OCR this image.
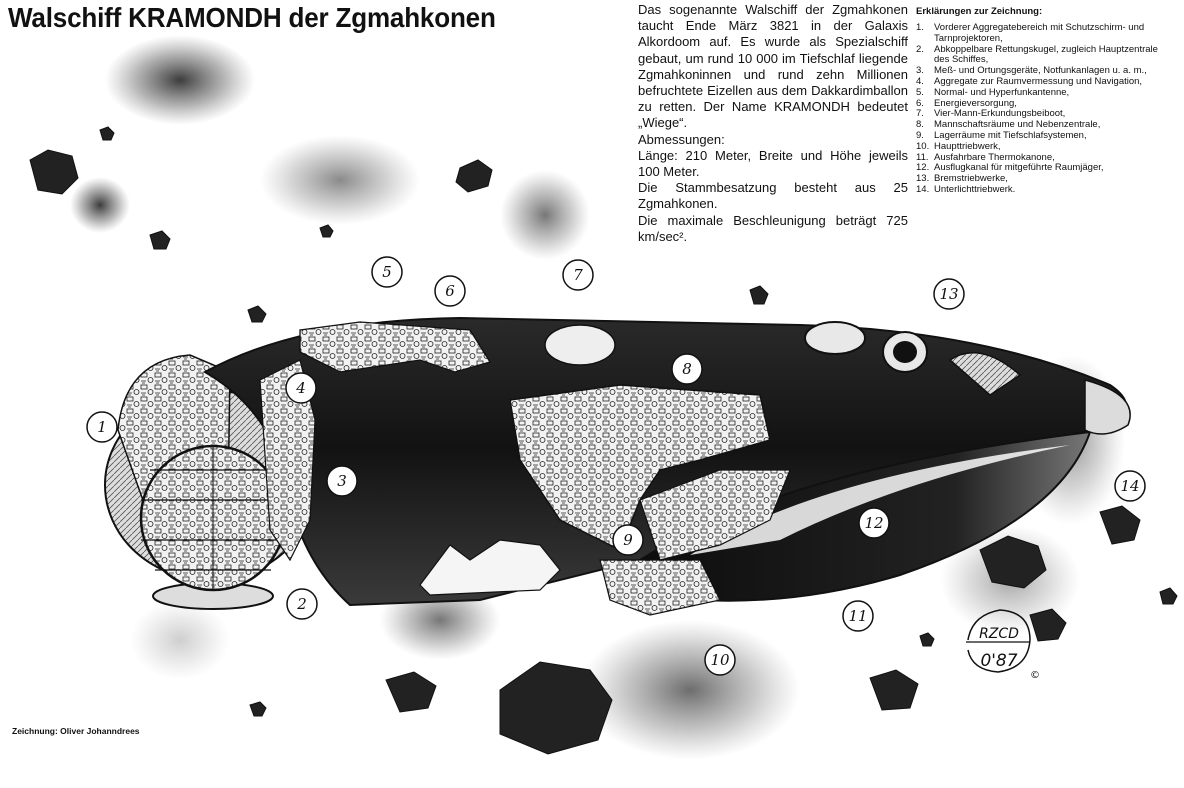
Walschiff KRAMONDH der Zgmahkonen	Das sogenannte Walschiff der Zgmahkonen taucht Ende März 3821 in der Galaxis Alkordoom auf. Es wurde als Spezialschiff gebaut, um rund 10 000 im Tiefschlaf liegende Zgmahkoninnen und rund zehn Millionen befruchtete Eizellen aus dem Dakkardimballon zu retten. Der Name KRAMONDH bedeutet „Wiege“.

Abmessungen:

Länge: 210 Meter, Breite und Höhe jeweils 100 Meter.

Die Stammbesatzung besteht aus 25 Zgmahkonen.

Die maximale Beschleunigung beträgt 725 km/sec².

Erklärungen zur Zeichnung:
1.	Vorderer Aggregatebereich mit Schutzschirm- und Tarnprojektoren,
2.	Abkoppelbare Rettungskugel, zugleich Hauptzentrale des Schiffes,
3.	Meß- und Ortungsgeräte, Notfunkanlagen u. a. m.,
4.	Aggregate zur Raumvermessung und Navigation,
5.	Normal- und Hyperfunkantenne,
6.	Energieversorgung,
7.	Vier-Mann-Erkundungsbeiboot,
8.	Mannschaftsräume und Nebenzentrale,
9.	Lagerräume mit Tiefschlafsystemen,
10. Haupttriebwerk,
11. Ausfahrbare Thermokanone,
12. Ausflugkanal für mitgeführte Raumjäger,
13. Bremstriebwerke,
14. Unterlichttriebwerk.
1
2
3
4
5
6
7
8
9
10
11
12
13
14
RZCD
0'87
©
Zeichnung: Oliver Johanndrees
